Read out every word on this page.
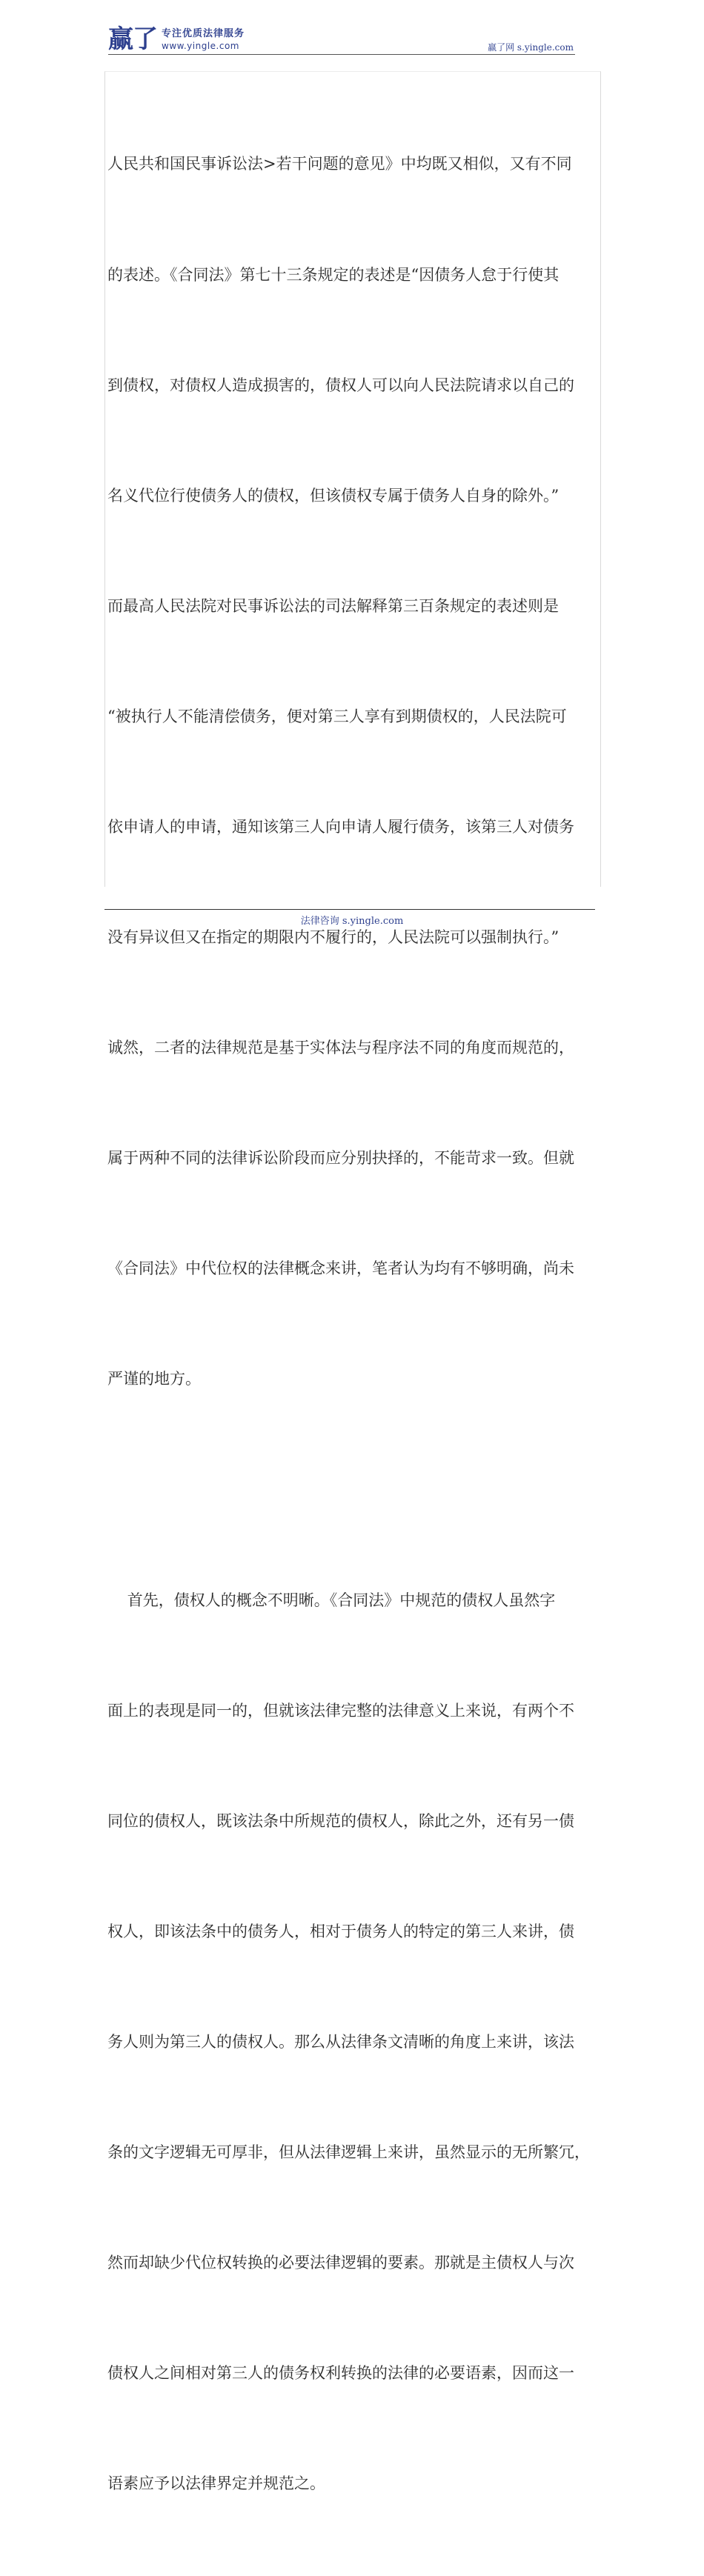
赢了 专注优质法律服务
www.yingle.com	赢了网 s.yingle.com

人民共和国民事诉讼法>若干问题的意见》中均既又相似，又有不同

的表述。《合同法》第七十三条规定的表述是“因债务人怠于行使其

到债权，对债权人造成损害的，债权人可以向人民法院请求以自己的

名义代位行使债务人的债权，但该债权专属于债务人自身的除外。”

而最高人民法院对民事诉讼法的司法解释第三百条规定的表述则是

“被执行人不能清偿债务，便对第三人享有到期债权的，人民法院可

依申请人的申请，通知该第三人向申请人履行债务，该第三人对债务

没有异议但又在指定的期限内不履行的，人民法院可以强制执行。”

诚然，二者的法律规范是基于实体法与程序法不同的角度而规范的，

属于两种不同的法律诉讼阶段而应分别抉择的，不能苛求一致。但就

《合同法》中代位权的法律概念来讲，笔者认为均有不够明确，尚未

严谨的地方。

首先，债权人的概念不明晰。《合同法》中规范的债权人虽然字

面上的表现是同一的，但就该法律完整的法律意义上来说，有两个不

同位的债权人，既该法条中所规范的债权人，除此之外，还有另一债

权人，即该法条中的债务人，相对于债务人的特定的第三人来讲，债

务人则为第三人的债权人。那么从法律条文清晰的角度上来讲，该法

条的文字逻辑无可厚非，但从法律逻辑上来讲，虽然显示的无所繁冗，

然而却缺少代位权转换的必要法律逻辑的要素。那就是主债权人与次

债权人之间相对第三人的债务权利转换的法律的必要语素，因而这一

语素应予以法律界定并规范之。

法律咨询 s.yingle.com
